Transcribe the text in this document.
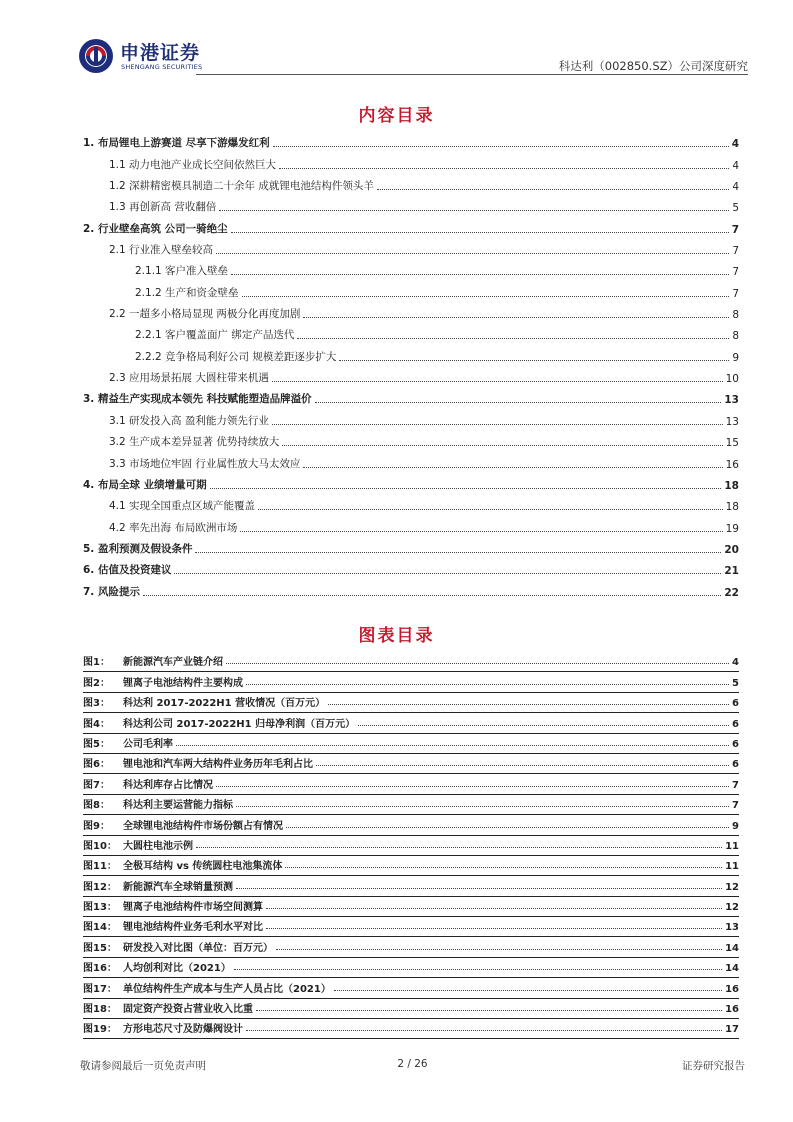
申港证券
SHENGANG SECURITIES	科达利（002850.SZ）公司深度研究
内容目录
1. 布局锂电上游赛道 尽享下游爆发红利	4
1.1 动力电池产业成长空间依然巨大	4
1.2 深耕精密模具制造二十余年 成就锂电池结构件领头羊	4
1.3 再创新高 营收翻倍	5
2. 行业壁垒高筑 公司一骑绝尘	7
2.1 行业准入壁垒较高	7
2.1.1 客户准入壁垒	7
2.1.2 生产和资金壁垒	7
2.2 一超多小格局显现 两极分化再度加剧	8
2.2.1 客户覆盖面广 绑定产品迭代	8
2.2.2 竞争格局利好公司 规模差距逐步扩大	9
2.3 应用场景拓展 大圆柱带来机遇	10
3. 精益生产实现成本领先 科技赋能塑造品牌溢价	13
3.1 研发投入高 盈利能力领先行业	13
3.2 生产成本差异显著 优势持续放大	15
3.3 市场地位牢固 行业属性放大马太效应	16
4. 布局全球 业绩增量可期	18
4.1 实现全国重点区域产能覆盖	18
4.2 率先出海 布局欧洲市场	19
5. 盈利预测及假设条件	20
6. 估值及投资建议	21
7. 风险提示	22
图表目录
图1：	新能源汽车产业链介绍	4
图2：	锂离子电池结构件主要构成	5
图3：	科达利 2017-2022H1 营收情况（百万元）	6
图4：	科达利公司 2017-2022H1 归母净利润（百万元）	6
图5：	公司毛利率	6
图6：	锂电池和汽车两大结构件业务历年毛利占比	6
图7：	科达利库存占比情况	7
图8：	科达利主要运营能力指标	7
图9：	全球锂电池结构件市场份额占有情况	9
图10： 大圆柱电池示例	11
图11： 全极耳结构 vs 传统圆柱电池集流体	11
图12： 新能源汽车全球销量预测	12
图13： 锂离子电池结构件市场空间测算	12
图14： 锂电池结构件业务毛利水平对比	13
图15： 研发投入对比图（单位：百万元）	14
图16： 人均创利对比（2021）	14
图17： 单位结构件生产成本与生产人员占比（2021）	16
图18： 固定资产投资占营业收入比重	16
图19： 方形电芯尺寸及防爆阀设计	17
敬请参阅最后一页免责声明	2 / 26	证券研究报告
